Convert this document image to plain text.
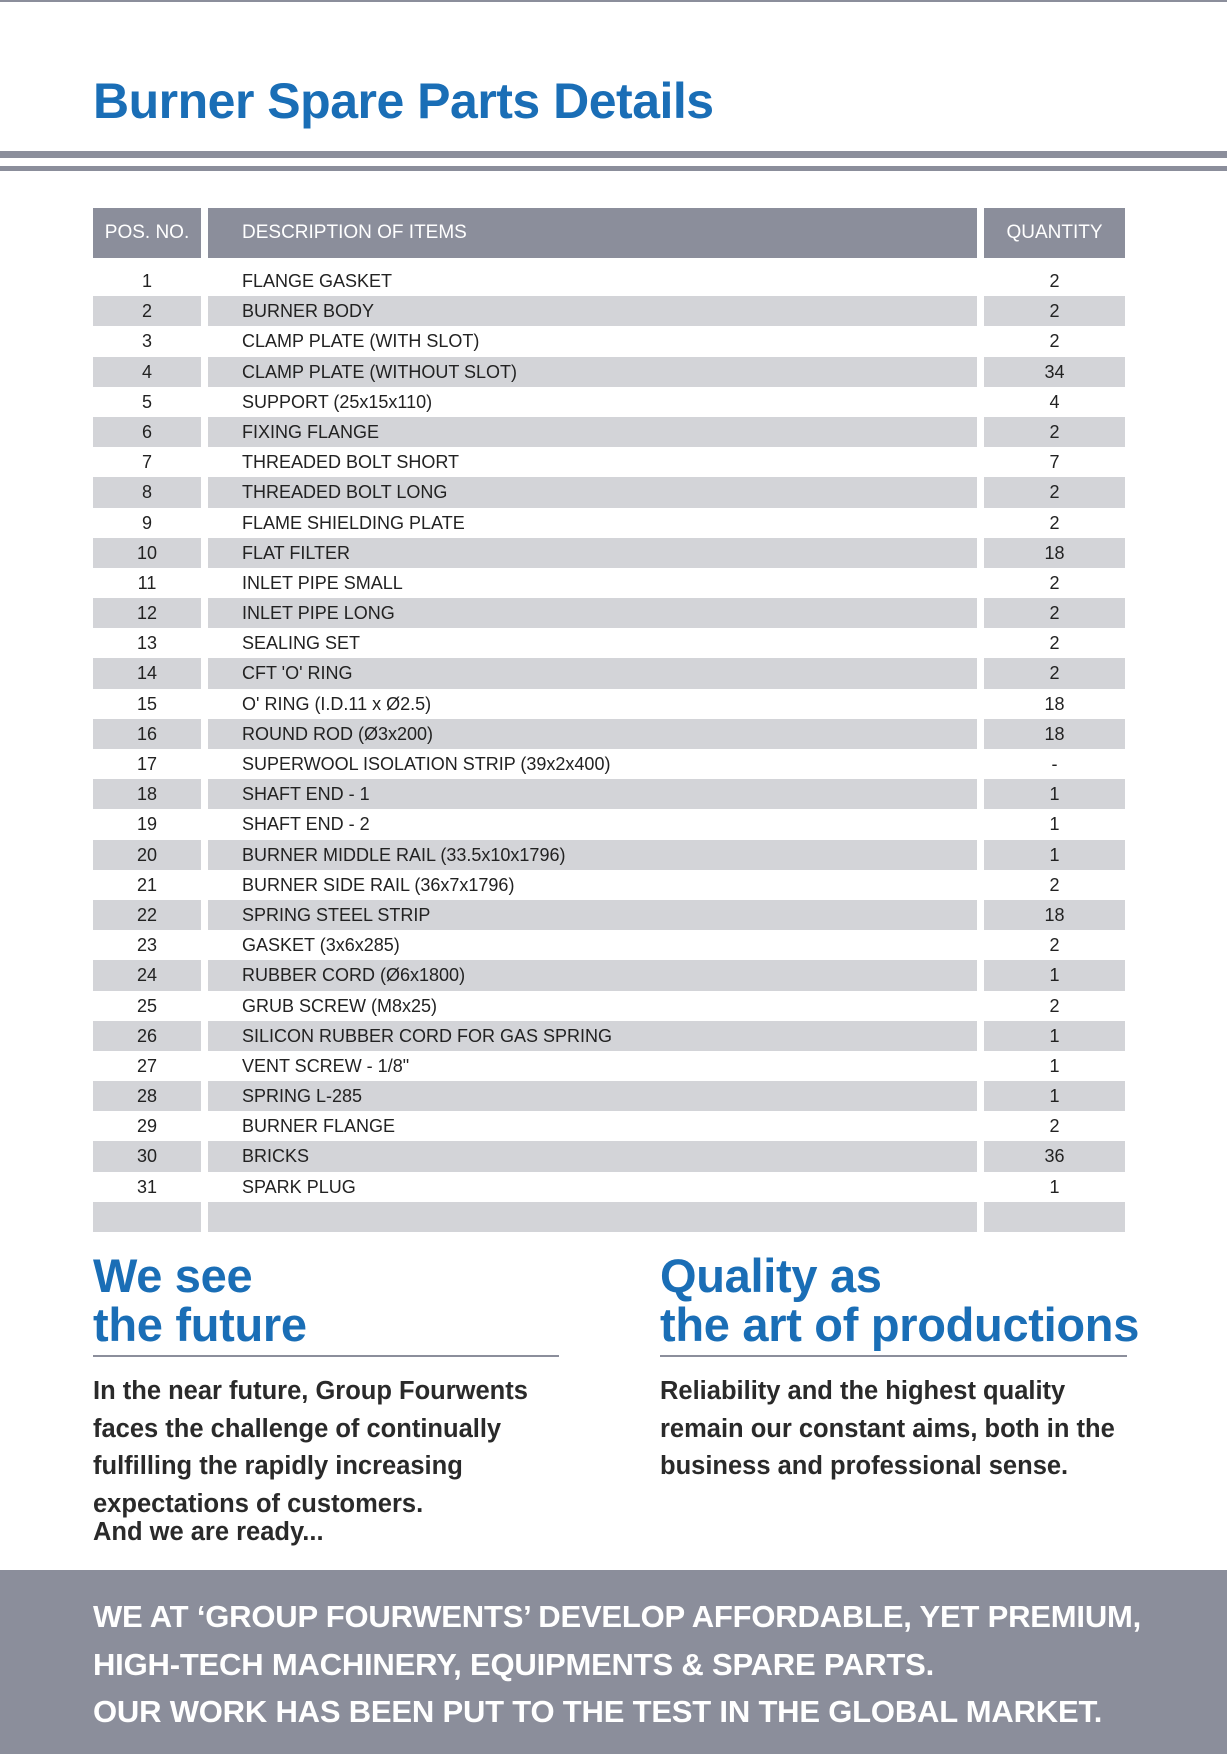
Burner Spare Parts Details
POS. NO.	DESCRIPTION OF ITEMS	QUANTITY
1	FLANGE GASKET	2
2	BURNER BODY	2
3	CLAMP PLATE (WITH SLOT)	2
4	CLAMP PLATE (WITHOUT SLOT)	34
5	SUPPORT (25x15x110)	4
6	FIXING FLANGE	2
7	THREADED BOLT SHORT	7
8	THREADED BOLT LONG	2
9	FLAME SHIELDING PLATE	2
10	FLAT FILTER	18
11	INLET PIPE SMALL	2
12	INLET PIPE LONG	2
13	SEALING SET	2
14	CFT 'O' RING	2
15	O' RING (I.D.11 x Ø2.5)	18
16	ROUND ROD (Ø3x200)	18
17	SUPERWOOL ISOLATION STRIP (39x2x400)	-
18	SHAFT END - 1	1
19	SHAFT END - 2	1
20	BURNER MIDDLE RAIL (33.5x10x1796)	1
21	BURNER SIDE RAIL (36x7x1796)	2
22	SPRING STEEL STRIP	18
23	GASKET (3x6x285)	2
24	RUBBER CORD (Ø6x1800)	1
25	GRUB SCREW (M8x25)	2
26	SILICON RUBBER CORD FOR GAS SPRING	1
27	VENT SCREW - 1/8"	1
28	SPRING L-285	1
29	BURNER FLANGE	2
30	BRICKS	36
31	SPARK PLUG	1
We see
the future

In the near future, Group Fourwents faces the challenge of continually fulfilling the rapidly increasing expectations of customers.

And we are ready...

Quality as
the art of productions

Reliability and the highest quality remain our constant aims, both in the business and professional sense.

WE AT ‘GROUP FOURWENTS’ DEVELOP AFFORDABLE, YET PREMIUM,

HIGH-TECH MACHINERY, EQUIPMENTS & SPARE PARTS.

OUR WORK HAS BEEN PUT TO THE TEST IN THE GLOBAL MARKET.
